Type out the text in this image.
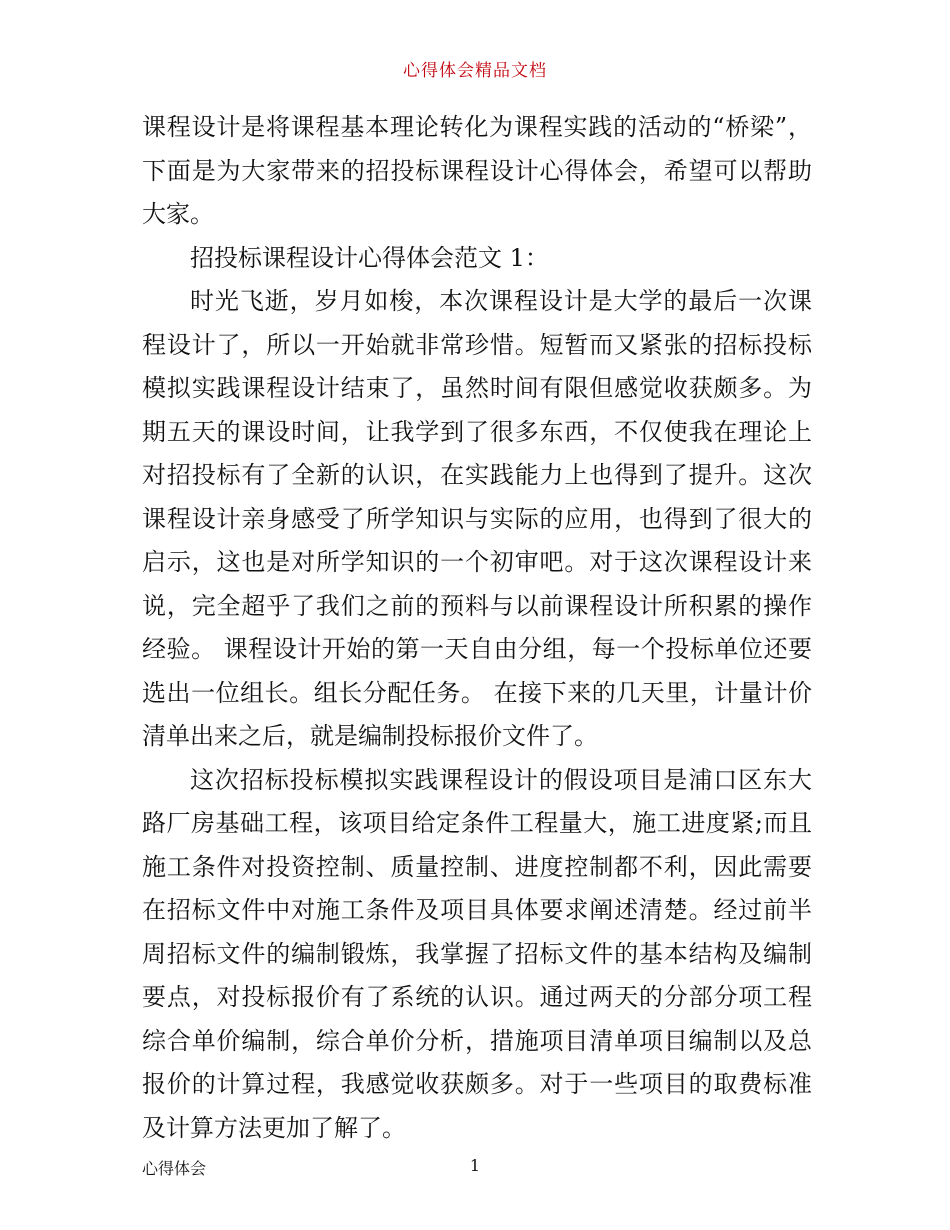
心得体会精品文档

课程设计是将课程基本理论转化为课程实践的活动的“桥梁”，下面是为大家带来的招投标课程设计心得体会，希望可以帮助大家。

招投标课程设计心得体会范文 1：

时光飞逝，岁月如梭，本次课程设计是大学的最后一次课程设计了，所以一开始就非常珍惜。短暂而又紧张的招标投标模拟实践课程设计结束了，虽然时间有限但感觉收获颇多。为期五天的课设时间，让我学到了很多东西，不仅使我在理论上对招投标有了全新的认识，在实践能力上也得到了提升。这次课程设计亲身感受了所学知识与实际的应用，也得到了很大的启示，这也是对所学知识的一个初审吧。对于这次课程设计来说，完全超乎了我们之前的预料与以前课程设计所积累的操作经验。 课程设计开始的第一天自由分组，每一个投标单位还要选出一位组长。组长分配任务。 在接下来的几天里，计量计价清单出来之后，就是编制投标报价文件了。

这次招标投标模拟实践课程设计的假设项目是浦口区东大路厂房基础工程，该项目给定条件工程量大，施工进度紧;而且施工条件对投资控制、质量控制、进度控制都不利，因此需要在招标文件中对施工条件及项目具体要求阐述清楚。经过前半周招标文件的编制锻炼，我掌握了招标文件的基本结构及编制要点，对投标报价有了系统的认识。通过两天的分部分项工程综合单价编制，综合单价分析，措施项目清单项目编制以及总报价的计算过程，我感觉收获颇多。对于一些项目的取费标准及计算方法更加了解了。

心得体会	1
